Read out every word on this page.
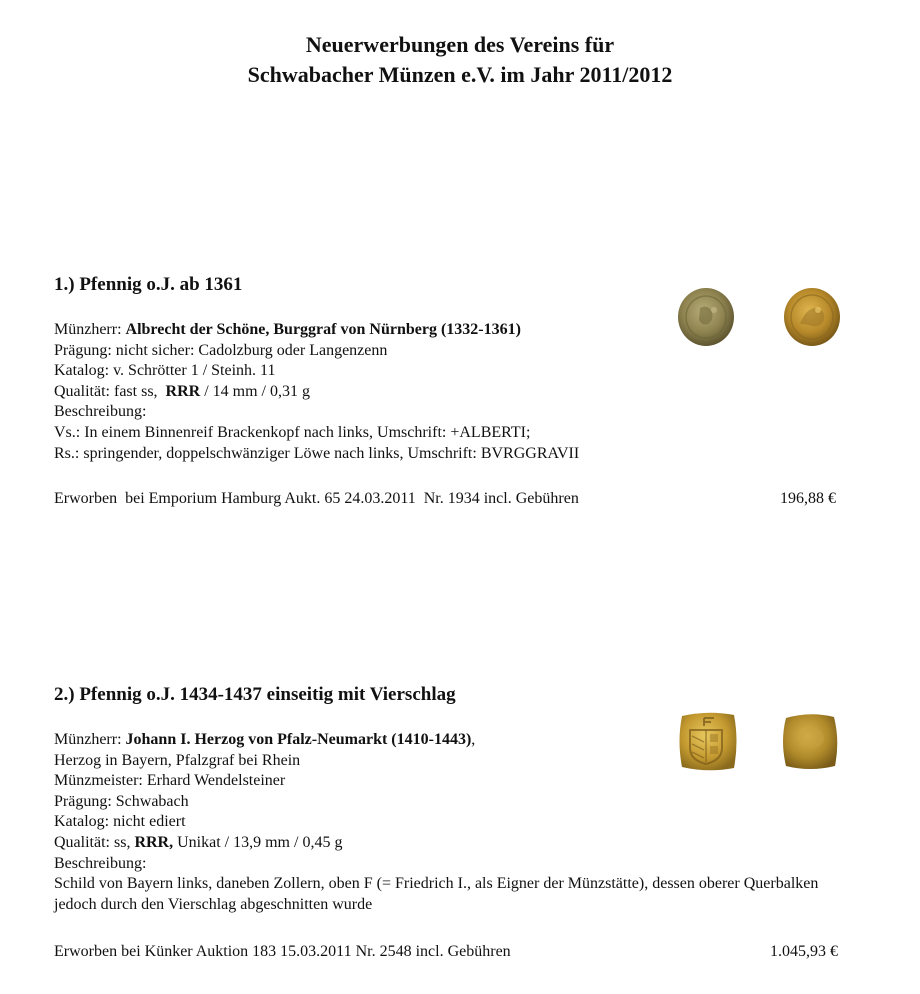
Neuerwerbungen des Vereins für
Schwabacher Münzen e.V. im Jahr 2011/2012
1.) Pfennig o.J. ab 1361
Münzherr: Albrecht der Schöne, Burggraf von Nürnberg (1332-1361)
Prägung: nicht sicher: Cadolzburg oder Langenzenn
Katalog: v. Schrötter 1 / Steinh. 11
Qualität: fast ss,  RRR / 14 mm / 0,31 g
Beschreibung:
Vs.: In einem Binnenreif Brackenkopf nach links, Umschrift: +ALBERTI;
Rs.: springender, doppelschwänziger Löwe nach links, Umschrift: BVRGGRAVII
Erworben  bei Emporium Hamburg Aukt. 65 24.03.2011  Nr. 1934 incl. Gebühren	196,88 €
2.) Pfennig o.J. 1434-1437 einseitig mit Vierschlag
Münzherr: Johann I. Herzog von Pfalz-Neumarkt (1410-1443),
Herzog in Bayern, Pfalzgraf bei Rhein
Münzmeister: Erhard Wendelsteiner
Prägung: Schwabach
Katalog: nicht ediert
Qualität: ss, RRR, Unikat / 13,9 mm / 0,45 g
Beschreibung:
Schild von Bayern links, daneben Zollern, oben F (= Friedrich I., als Eigner der Münzstätte), dessen oberer Querbalken jedoch durch den Vierschlag abgeschnitten wurde
Erworben bei Künker Auktion 183 15.03.2011 Nr. 2548 incl. Gebühren	1.045,93 €
